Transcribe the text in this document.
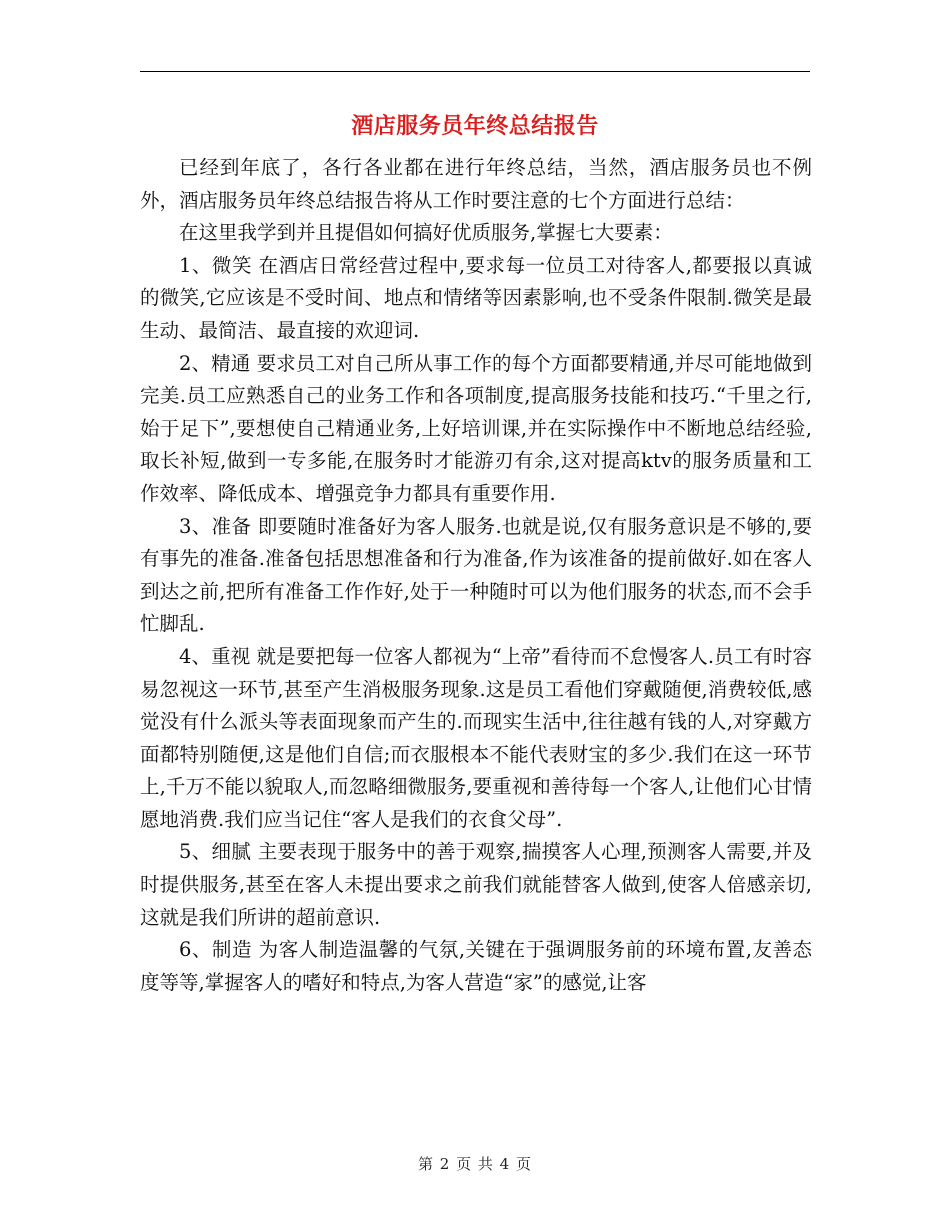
酒店服务员年终总结报告

已经到年底了，各行各业都在进行年终总结，当然，酒店服务员也不例外，酒店服务员年终总结报告将从工作时要注意的七个方面进行总结：

在这里我学到并且提倡如何搞好优质服务,掌握七大要素：

1、微笑 在酒店日常经营过程中,要求每一位员工对待客人,都要报以真诚的微笑,它应该是不受时间、地点和情绪等因素影响,也不受条件限制.微笑是最生动、最简洁、最直接的欢迎词.

2、精通 要求员工对自己所从事工作的每个方面都要精通,并尽可能地做到完美.员工应熟悉自己的业务工作和各项制度,提高服务技能和技巧.“千里之行,始于足下”,要想使自己精通业务,上好培训课,并在实际操作中不断地总结经验,取长补短,做到一专多能,在服务时才能游刃有余,这对提高ktv的服务质量和工作效率、降低成本、增强竞争力都具有重要作用.

3、准备 即要随时准备好为客人服务.也就是说,仅有服务意识是不够的,要有事先的准备.准备包括思想准备和行为准备,作为该准备的提前做好.如在客人到达之前,把所有准备工作作好,处于一种随时可以为他们服务的状态,而不会手忙脚乱.

4、重视 就是要把每一位客人都视为“上帝”看待而不怠慢客人.员工有时容易忽视这一环节,甚至产生消极服务现象.这是员工看他们穿戴随便,消费较低,感觉没有什么派头等表面现象而产生的.而现实生活中,往往越有钱的人,对穿戴方面都特别随便,这是他们自信;而衣服根本不能代表财宝的多少.我们在这一环节上,千万不能以貌取人,而忽略细微服务,要重视和善待每一个客人,让他们心甘情愿地消费.我们应当记住“客人是我们的衣食父母”.

5、细腻 主要表现于服务中的善于观察,揣摸客人心理,预测客人需要,并及时提供服务,甚至在客人未提出要求之前我们就能替客人做到,使客人倍感亲切,这就是我们所讲的超前意识.

6、制造 为客人制造温馨的气氛,关键在于强调服务前的环境布置,友善态度等等,掌握客人的嗜好和特点,为客人营造“家”的感觉,让客

第 2 页 共 4 页
